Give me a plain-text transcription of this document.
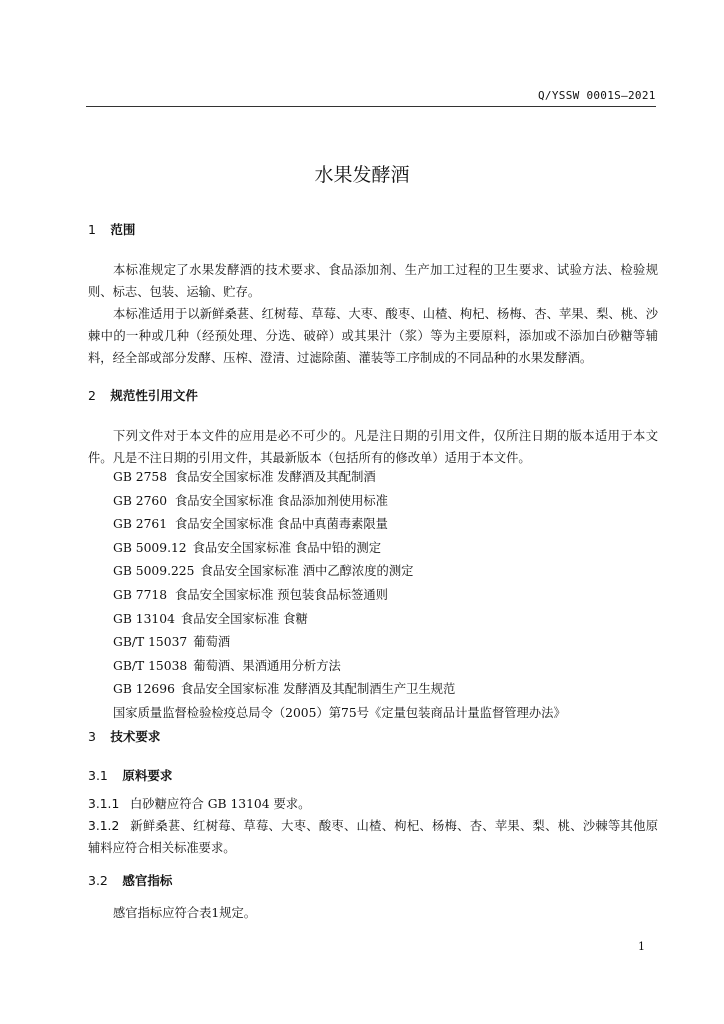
Q/YSSW 0001S—2021
水果发酵酒
1 范围

本标准规定了水果发酵酒的技术要求、食品添加剂、生产加工过程的卫生要求、试验方法、检验规则、标志、包装、运输、贮存。

本标准适用于以新鲜桑葚、红树莓、草莓、大枣、酸枣、山楂、枸杞、杨梅、杏、苹果、梨、桃、沙棘中的一种或几种（经预处理、分选、破碎）或其果汁（浆）等为主要原料，添加或不添加白砂糖等辅料，经全部或部分发酵、压榨、澄清、过滤除菌、灌装等工序制成的不同品种的水果发酵酒。

2 规范性引用文件

下列文件对于本文件的应用是必不可少的。凡是注日期的引用文件，仅所注日期的版本适用于本文件。凡是不注日期的引用文件，其最新版本（包括所有的修改单）适用于本文件。

GB 2758 食品安全国家标准 发酵酒及其配制酒
GB 2760 食品安全国家标准 食品添加剂使用标准
GB 2761 食品安全国家标准 食品中真菌毒素限量
GB 5009.12 食品安全国家标准 食品中铅的测定
GB 5009.225 食品安全国家标准 酒中乙醇浓度的测定
GB 7718 食品安全国家标准 预包装食品标签通则
GB 13104 食品安全国家标准 食糖
GB/T 15037 葡萄酒
GB/T 15038 葡萄酒、果酒通用分析方法
GB 12696 食品安全国家标准 发酵酒及其配制酒生产卫生规范
国家质量监督检验检疫总局令（2005）第75号《定量包装商品计量监督管理办法》
3 技术要求
3.1 原料要求
3.1.1 白砂糖应符合 GB 13104 要求。
3.1.2 新鲜桑葚、红树莓、草莓、大枣、酸枣、山楂、枸杞、杨梅、杏、苹果、梨、桃、沙棘等其他原辅料应符合相关标准要求。
3.2 感官指标

感官指标应符合表1规定。

1
